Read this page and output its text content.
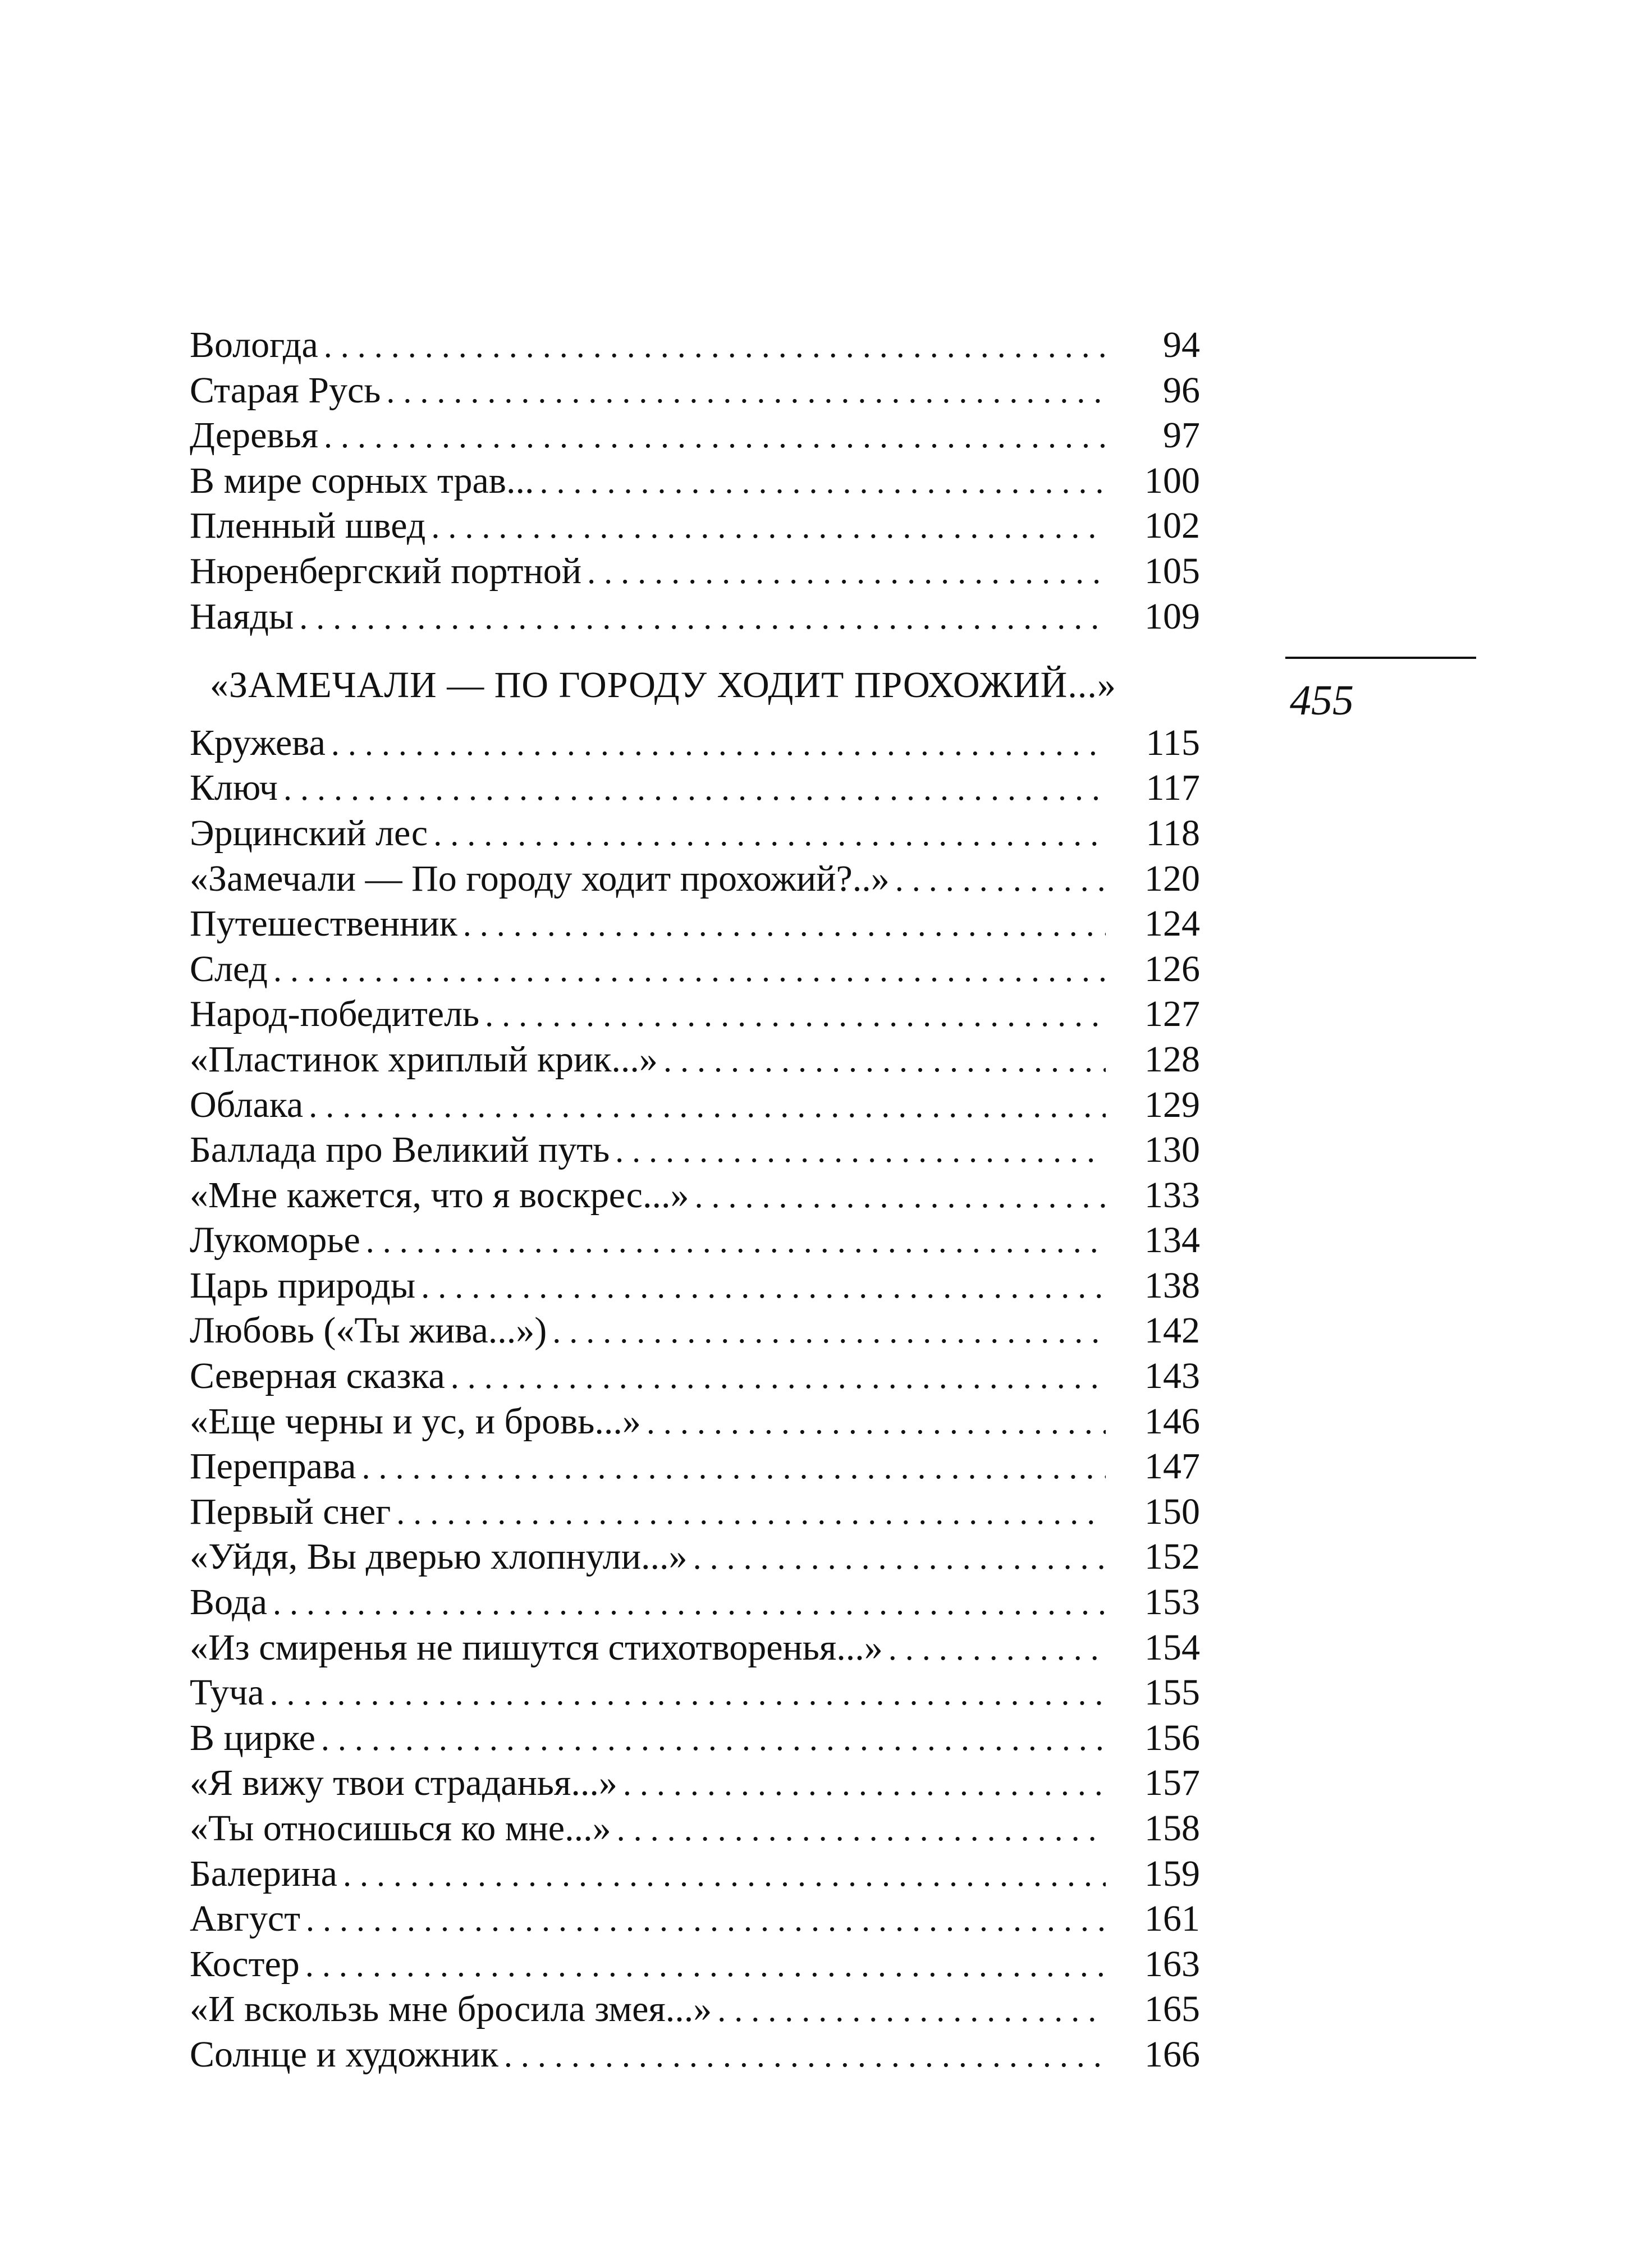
Вологда . . .	94
Старая Русь . . .	96
Деревья . . .	97
В мире сорных трав... . . .	100
Пленный швед . . .	102
Нюренбергский портной . . .	105
Наяды . . .	109
«ЗАМЕЧАЛИ — ПО ГОРОДУ ХОДИТ ПРОХОЖИЙ...»
Кружева . . .	115
Ключ . . .	117
Эрцинский лес . . .	118
«Замечали — По городу ходит прохожий?..» . . .	120
Путешественник . . .	124
След . . .	126
Народ-победитель . . .	127
«Пластинок хриплый крик...» . . .	128
Облака . . .	129
Баллада про Великий путь . . .	130
«Мне кажется, что я воскрес...» . . .	133
Лукоморье . . .	134
Царь природы . . .	138
Любовь («Ты жива...») . . .	142
Северная сказка . . .	143
«Еще черны и ус, и бровь...» . . .	146
Переправа . . .	147
Первый снег . . .	150
«Уйдя, Вы дверью хлопнули...» . . .	152
Вода . . .	153
«Из смиренья не пишутся стихотворенья...» . . .	154
Туча . . .	155
В цирке . . .	156
«Я вижу твои страданья...» . . .	157
«Ты относишься ко мне...» . . .	158
Балерина . . .	159
Август . . .	161
Костер . . .	163
«И вскользь мне бросила змея...» . . .	165
Солнце и художник . . .	166
455
